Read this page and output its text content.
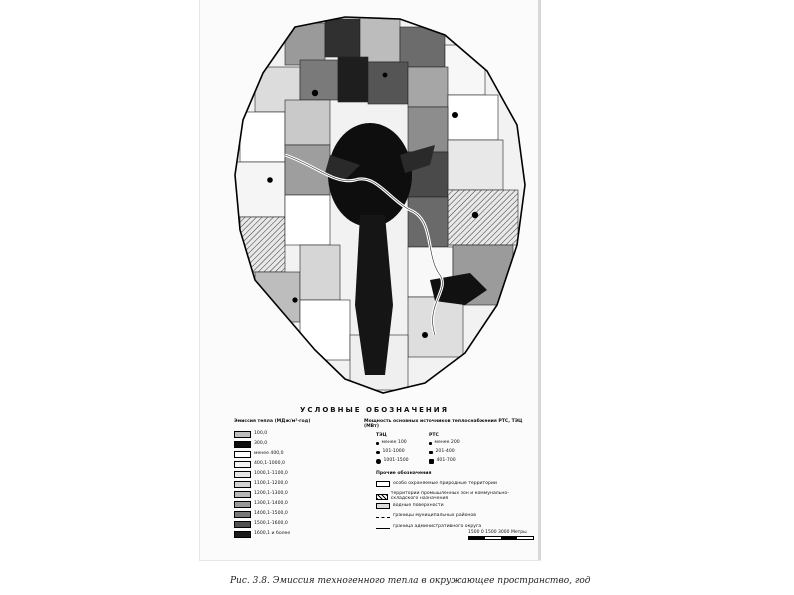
УСЛОВНЫЕ ОБОЗНАЧЕНИЯ
Эмиссия тепла (МДж/м²·год)
100,0
300,0
менее 400,0
400,1-1000,0
1000,1-1100,0
1100,1-1200,0
1200,1-1300,0
1300,1-1400,0
1400,1-1500,0
1500,1-1600,0
1600,1 и более
Мощность основных источников теплоснабжения РТС, ТЭЦ (МВт)
ТЭЦ	РТС
менее 100
101-1000
1001-1500
менее 200
201-400
401-700
Прочие обозначения
особо охраняемые природные территории
территории промышленных зон и коммунально-складского назначения
водные поверхности
границы муниципальных районов
граница административного округа
1500 0 1500 3000 Метры
Рис. 3.8. Эмиссия техногенного тепла в окружающее пространство, год
